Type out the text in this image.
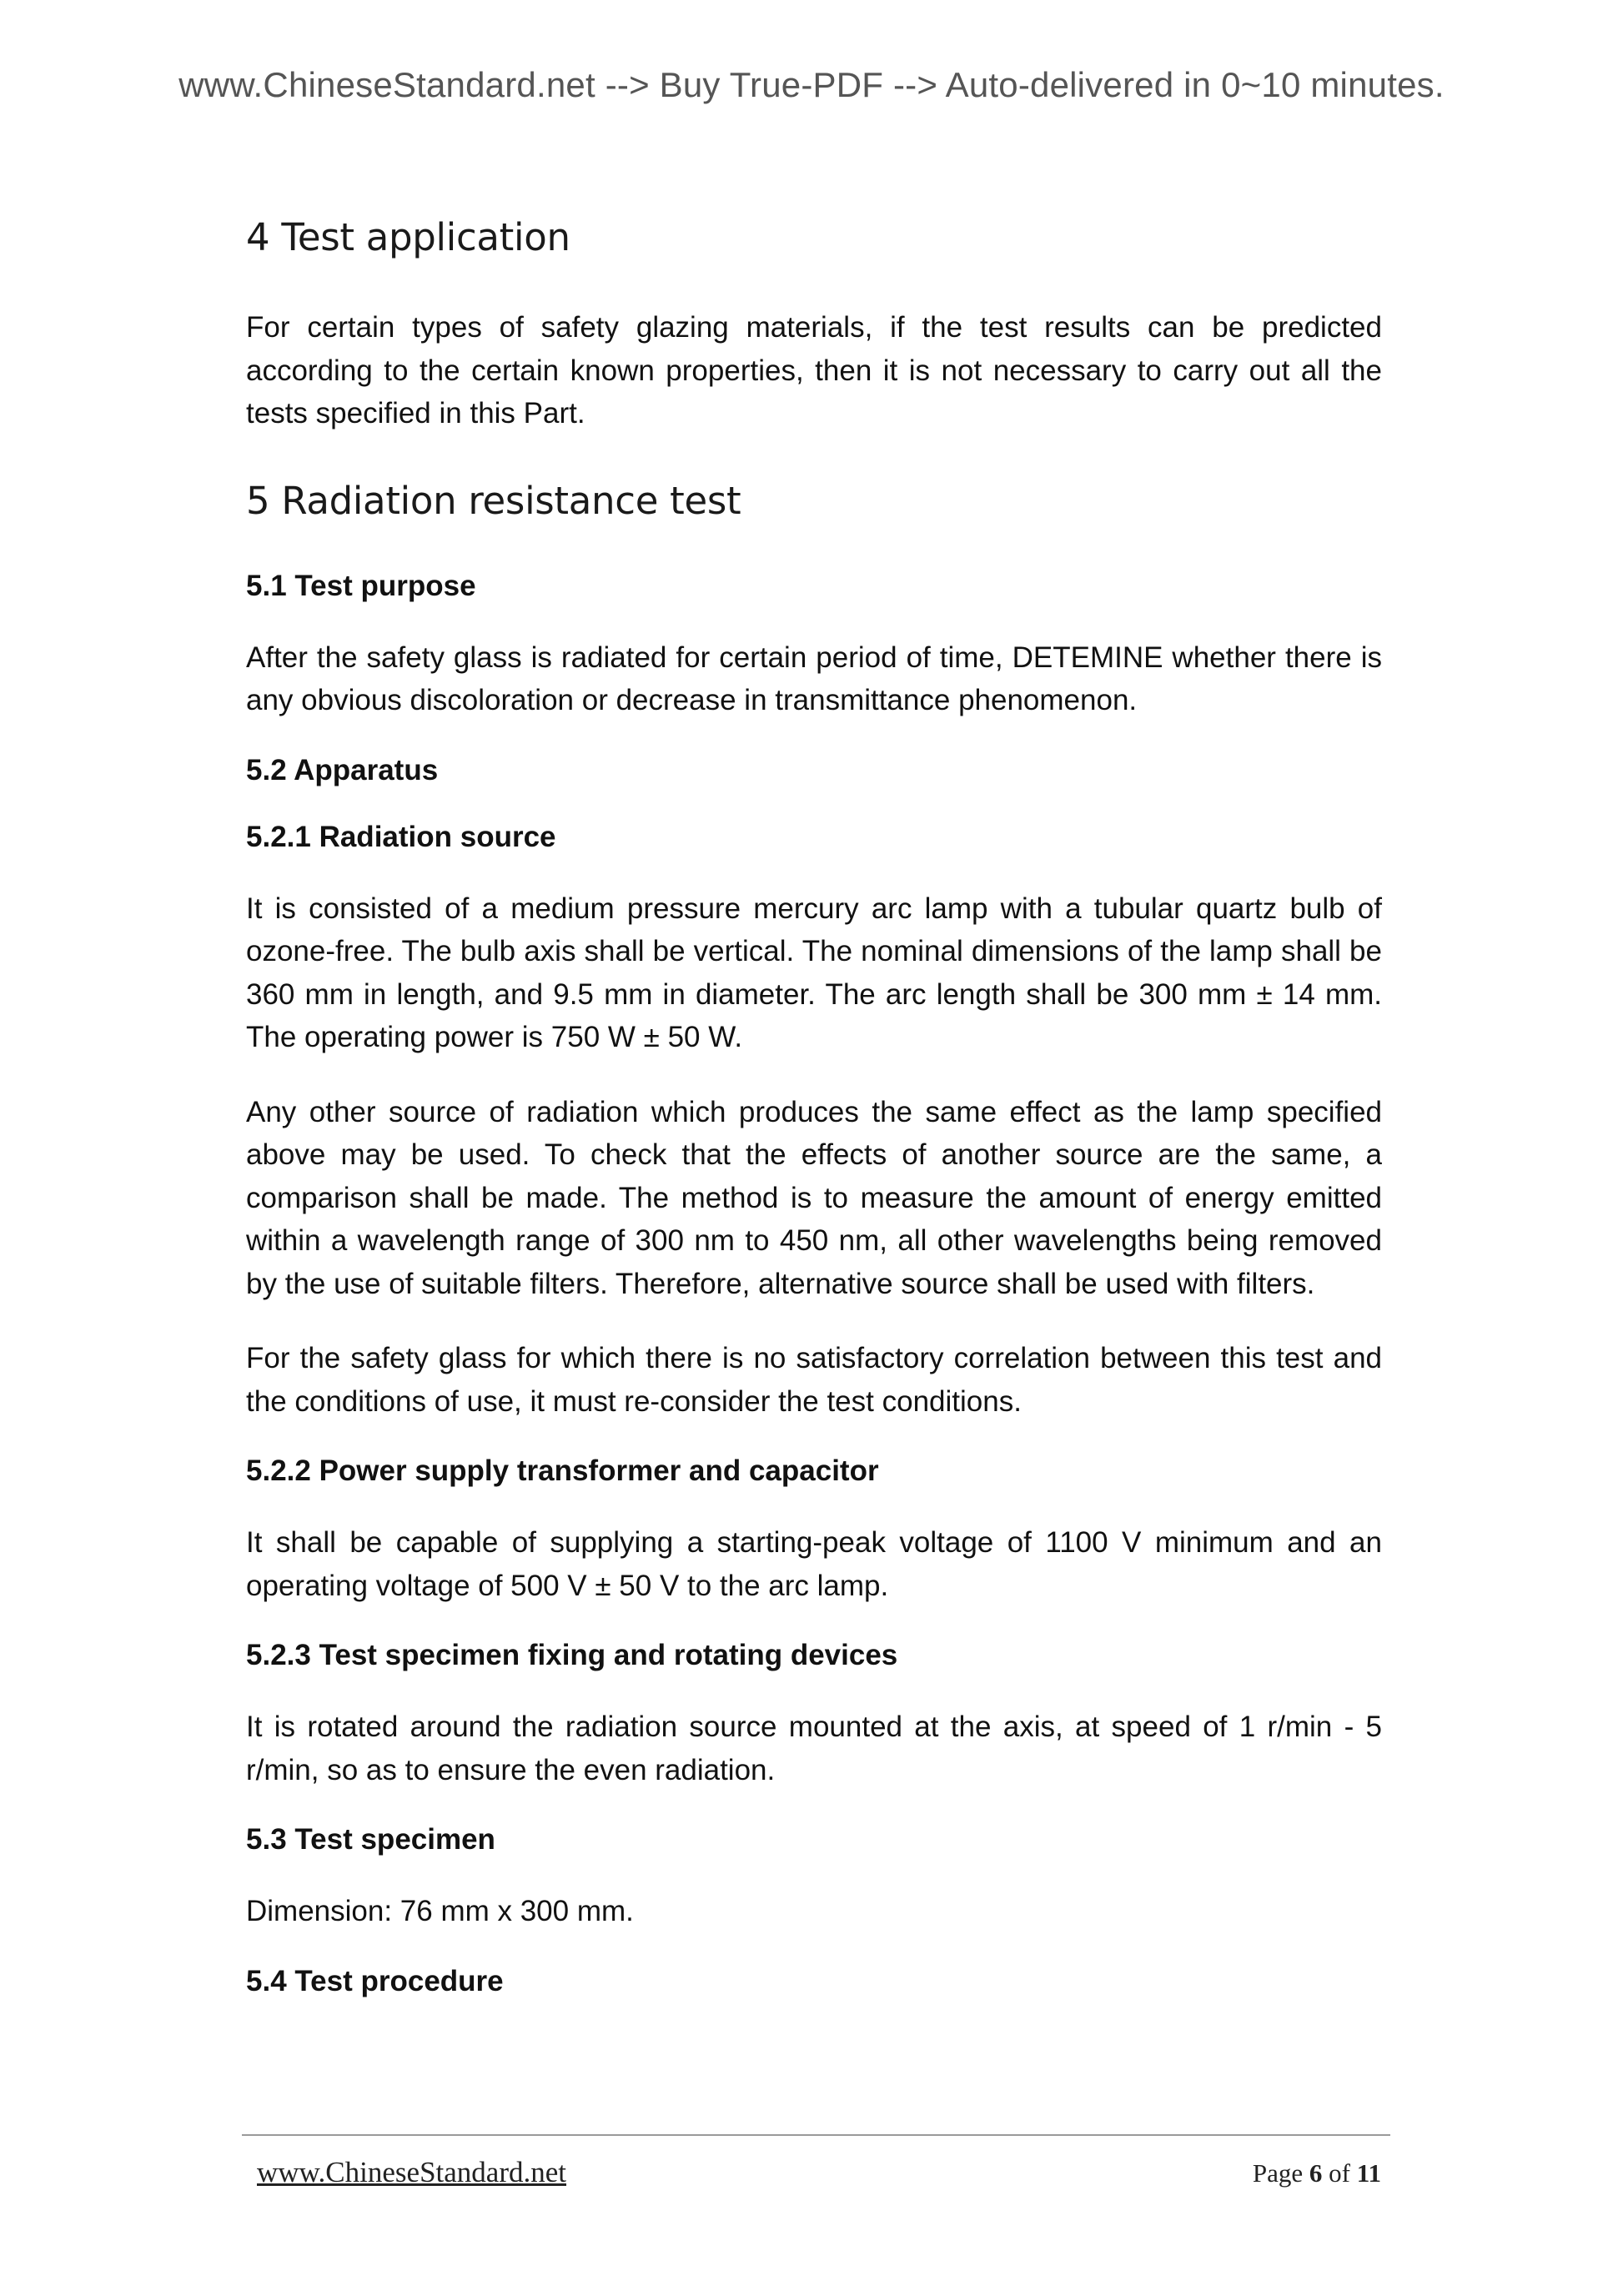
www.ChineseStandard.net --> Buy True-PDF --> Auto-delivered in 0~10 minutes.
4 Test application

For certain types of safety glazing materials, if the test results can be predicted according to the certain known properties, then it is not necessary to carry out all the tests specified in this Part.

5 Radiation resistance test
5.1 Test purpose

After the safety glass is radiated for certain period of time, DETEMINE whether there is any obvious discoloration or decrease in transmittance phenomenon.

5.2 Apparatus
5.2.1 Radiation source

It is consisted of a medium pressure mercury arc lamp with a tubular quartz bulb of ozone-free. The bulb axis shall be vertical. The nominal dimensions of the lamp shall be 360 mm in length, and 9.5 mm in diameter. The arc length shall be 300 mm ± 14 mm. The operating power is 750 W ± 50 W.

Any other source of radiation which produces the same effect as the lamp specified above may be used. To check that the effects of another source are the same, a comparison shall be made. The method is to measure the amount of energy emitted within a wavelength range of 300 nm to 450 nm, all other wavelengths being removed by the use of suitable filters. Therefore, alternative source shall be used with filters.

For the safety glass for which there is no satisfactory correlation between this test and the conditions of use, it must re-consider the test conditions.

5.2.2 Power supply transformer and capacitor

It shall be capable of supplying a starting-peak voltage of 1100 V minimum and an operating voltage of 500 V ± 50 V to the arc lamp.

5.2.3 Test specimen fixing and rotating devices

It is rotated around the radiation source mounted at the axis, at speed of 1 r/min - 5 r/min, so as to ensure the even radiation.

5.3 Test specimen

Dimension: 76 mm x 300 mm.

5.4 Test procedure
www.ChineseStandard.net	Page 6 of 11
